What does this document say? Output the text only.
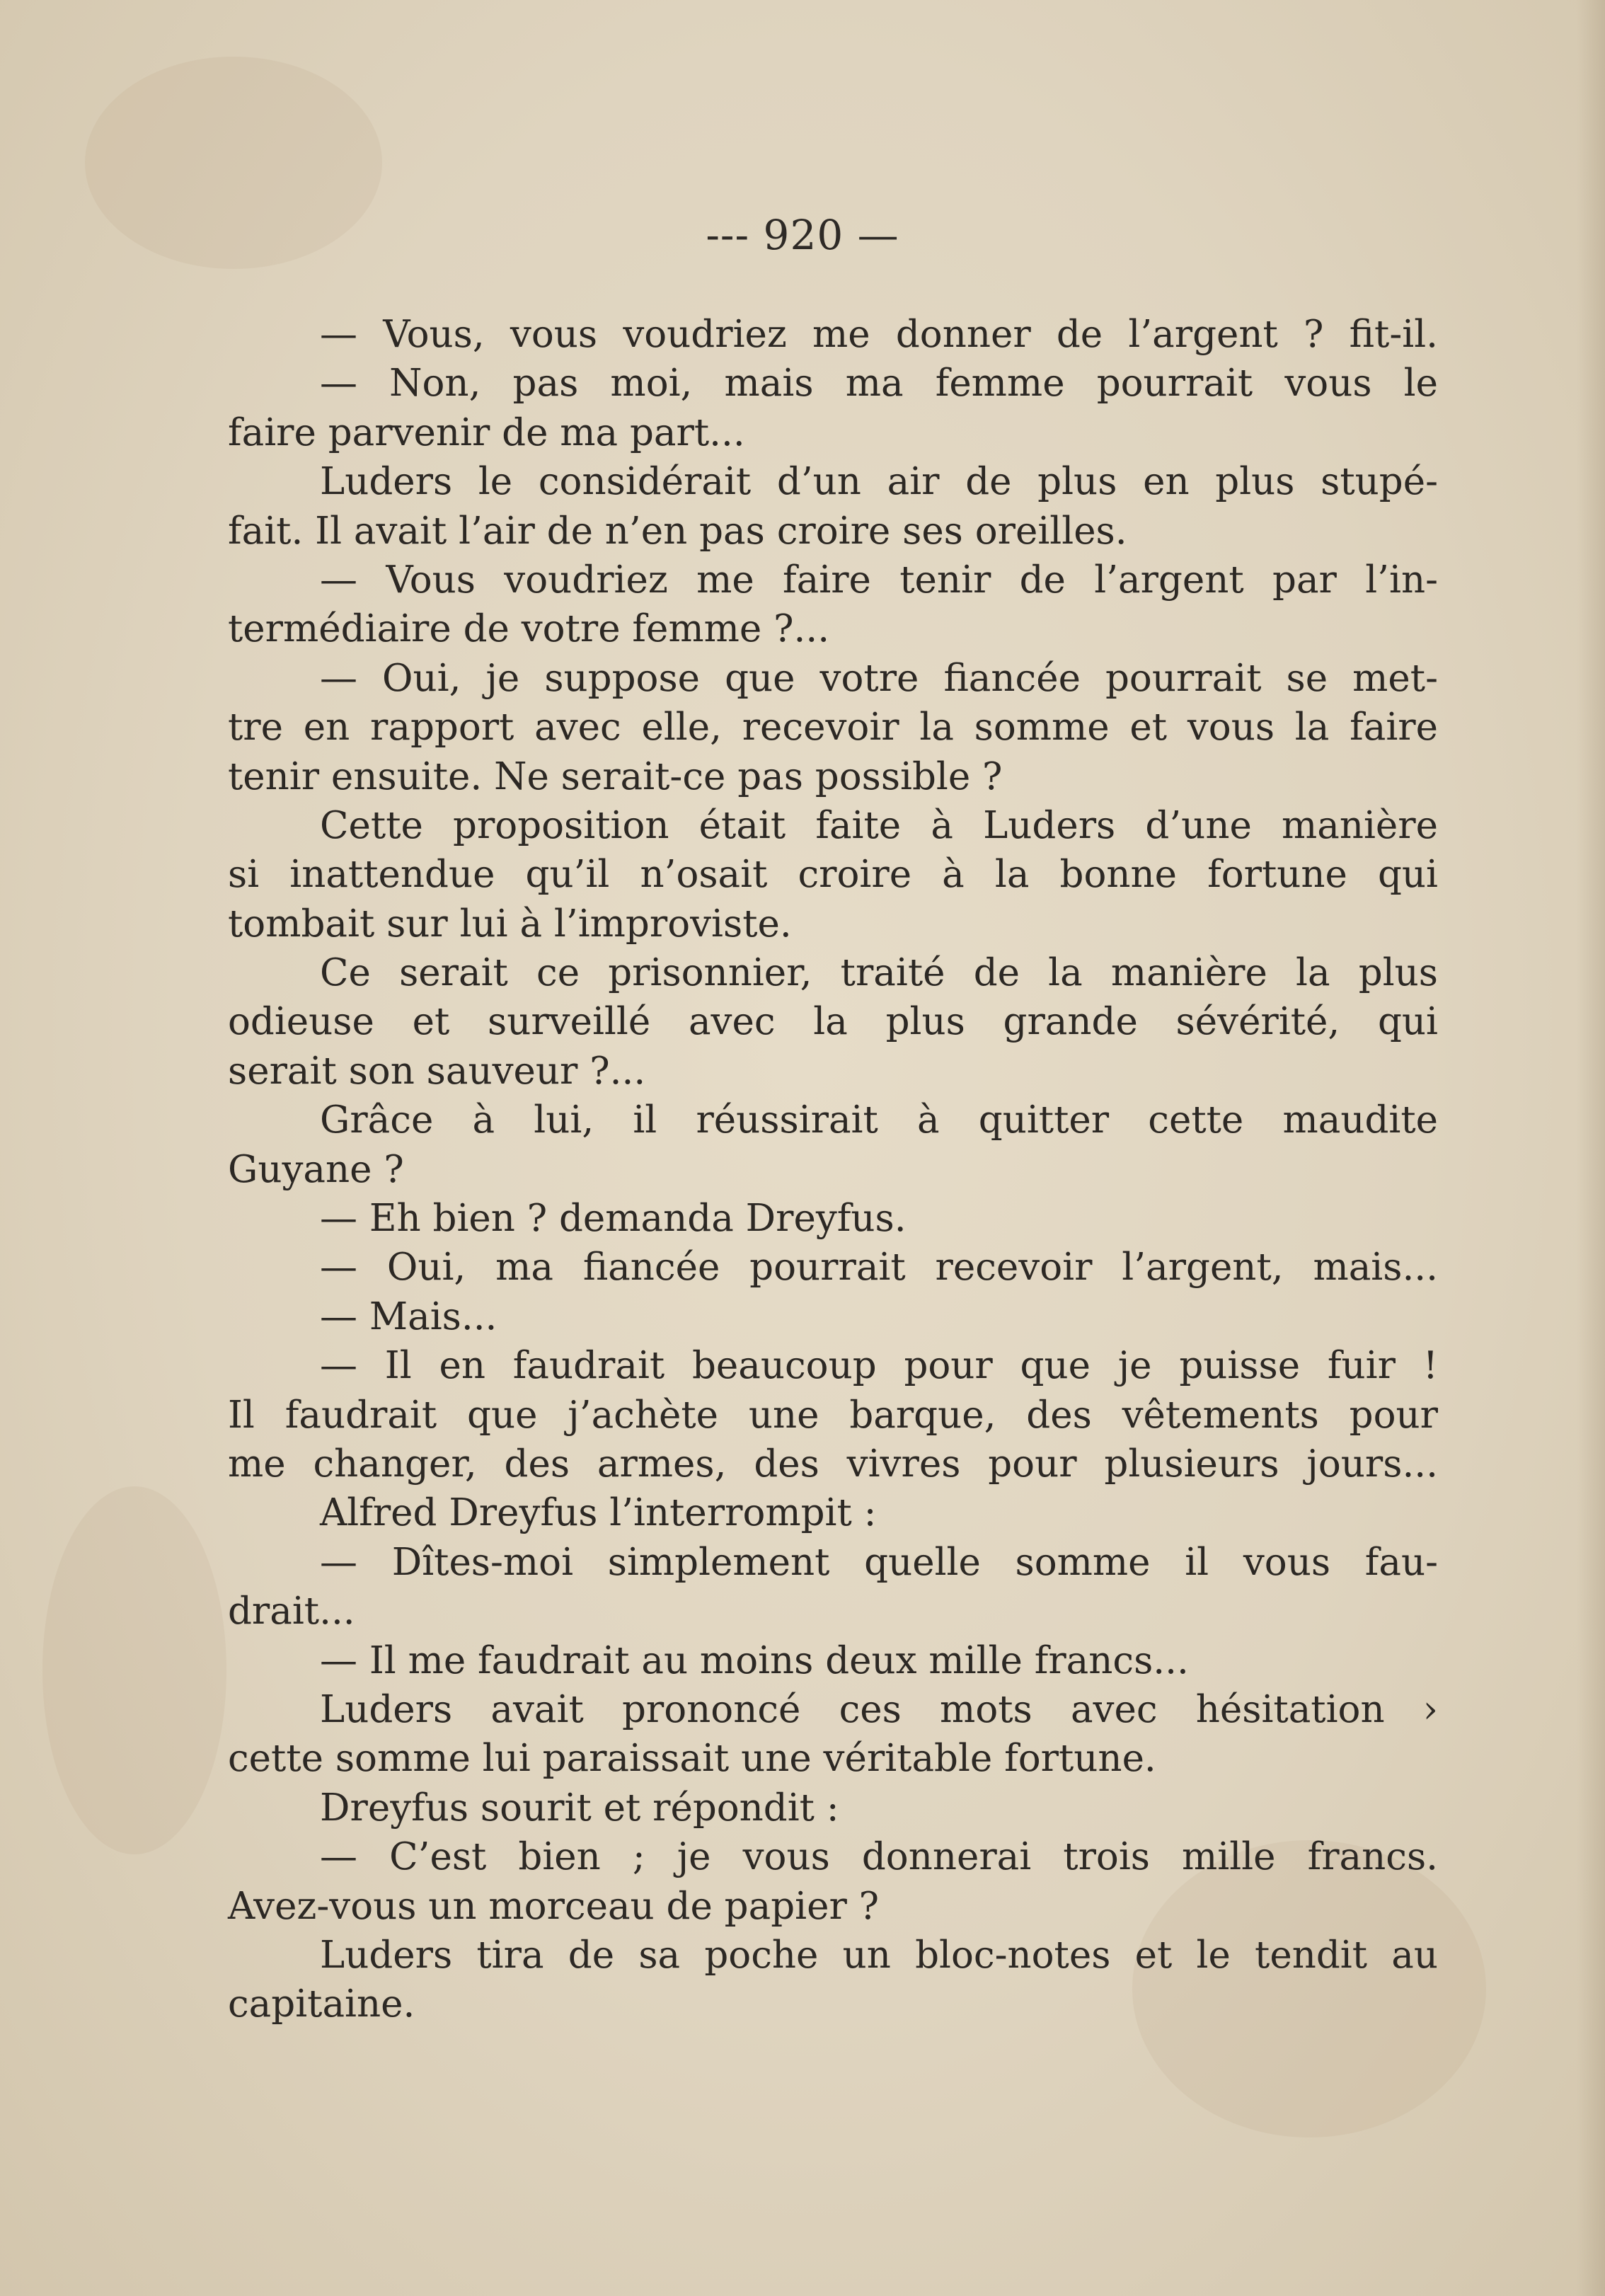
--- 920 —
— Vous, vous voudriez me donner de l’argent ? fit-il.
— Non, pas moi, mais ma femme pourrait vous le
faire parvenir de ma part...
Luders le considérait d’un air de plus en plus stupé-
fait. Il avait l’air de n’en pas croire ses oreilles.
— Vous voudriez me faire tenir de l’argent par l’in-
termédiaire de votre femme ?...
— Oui, je suppose que votre fiancée pourrait se met-
tre en rapport avec elle, recevoir la somme et vous la faire
tenir ensuite. Ne serait-ce pas possible ?
Cette proposition était faite à Luders d’une manière
si inattendue qu’il n’osait croire à la bonne fortune qui
tombait sur lui à l’improviste.
Ce serait ce prisonnier, traité de la manière la plus
odieuse et surveillé avec la plus grande sévérité, qui
serait son sauveur ?...
Grâce à lui, il réussirait à quitter cette maudite
Guyane ?
— Eh bien ? demanda Dreyfus.
— Oui, ma fiancée pourrait recevoir l’argent, mais...
— Mais...
— Il en faudrait beaucoup pour que je puisse fuir !
Il faudrait que j’achète une barque, des vêtements pour
me changer, des armes, des vivres pour plusieurs jours...
Alfred Dreyfus l’interrompit :
— Dîtes-moi simplement quelle somme il vous fau-
drait...
— Il me faudrait au moins deux mille francs...
Luders avait prononcé ces mots avec hésitation ›
cette somme lui paraissait une véritable fortune.
Dreyfus sourit et répondit :
— C’est bien ; je vous donnerai trois mille francs.
Avez-vous un morceau de papier ?
Luders tira de sa poche un bloc-notes et le tendit au
capitaine.
